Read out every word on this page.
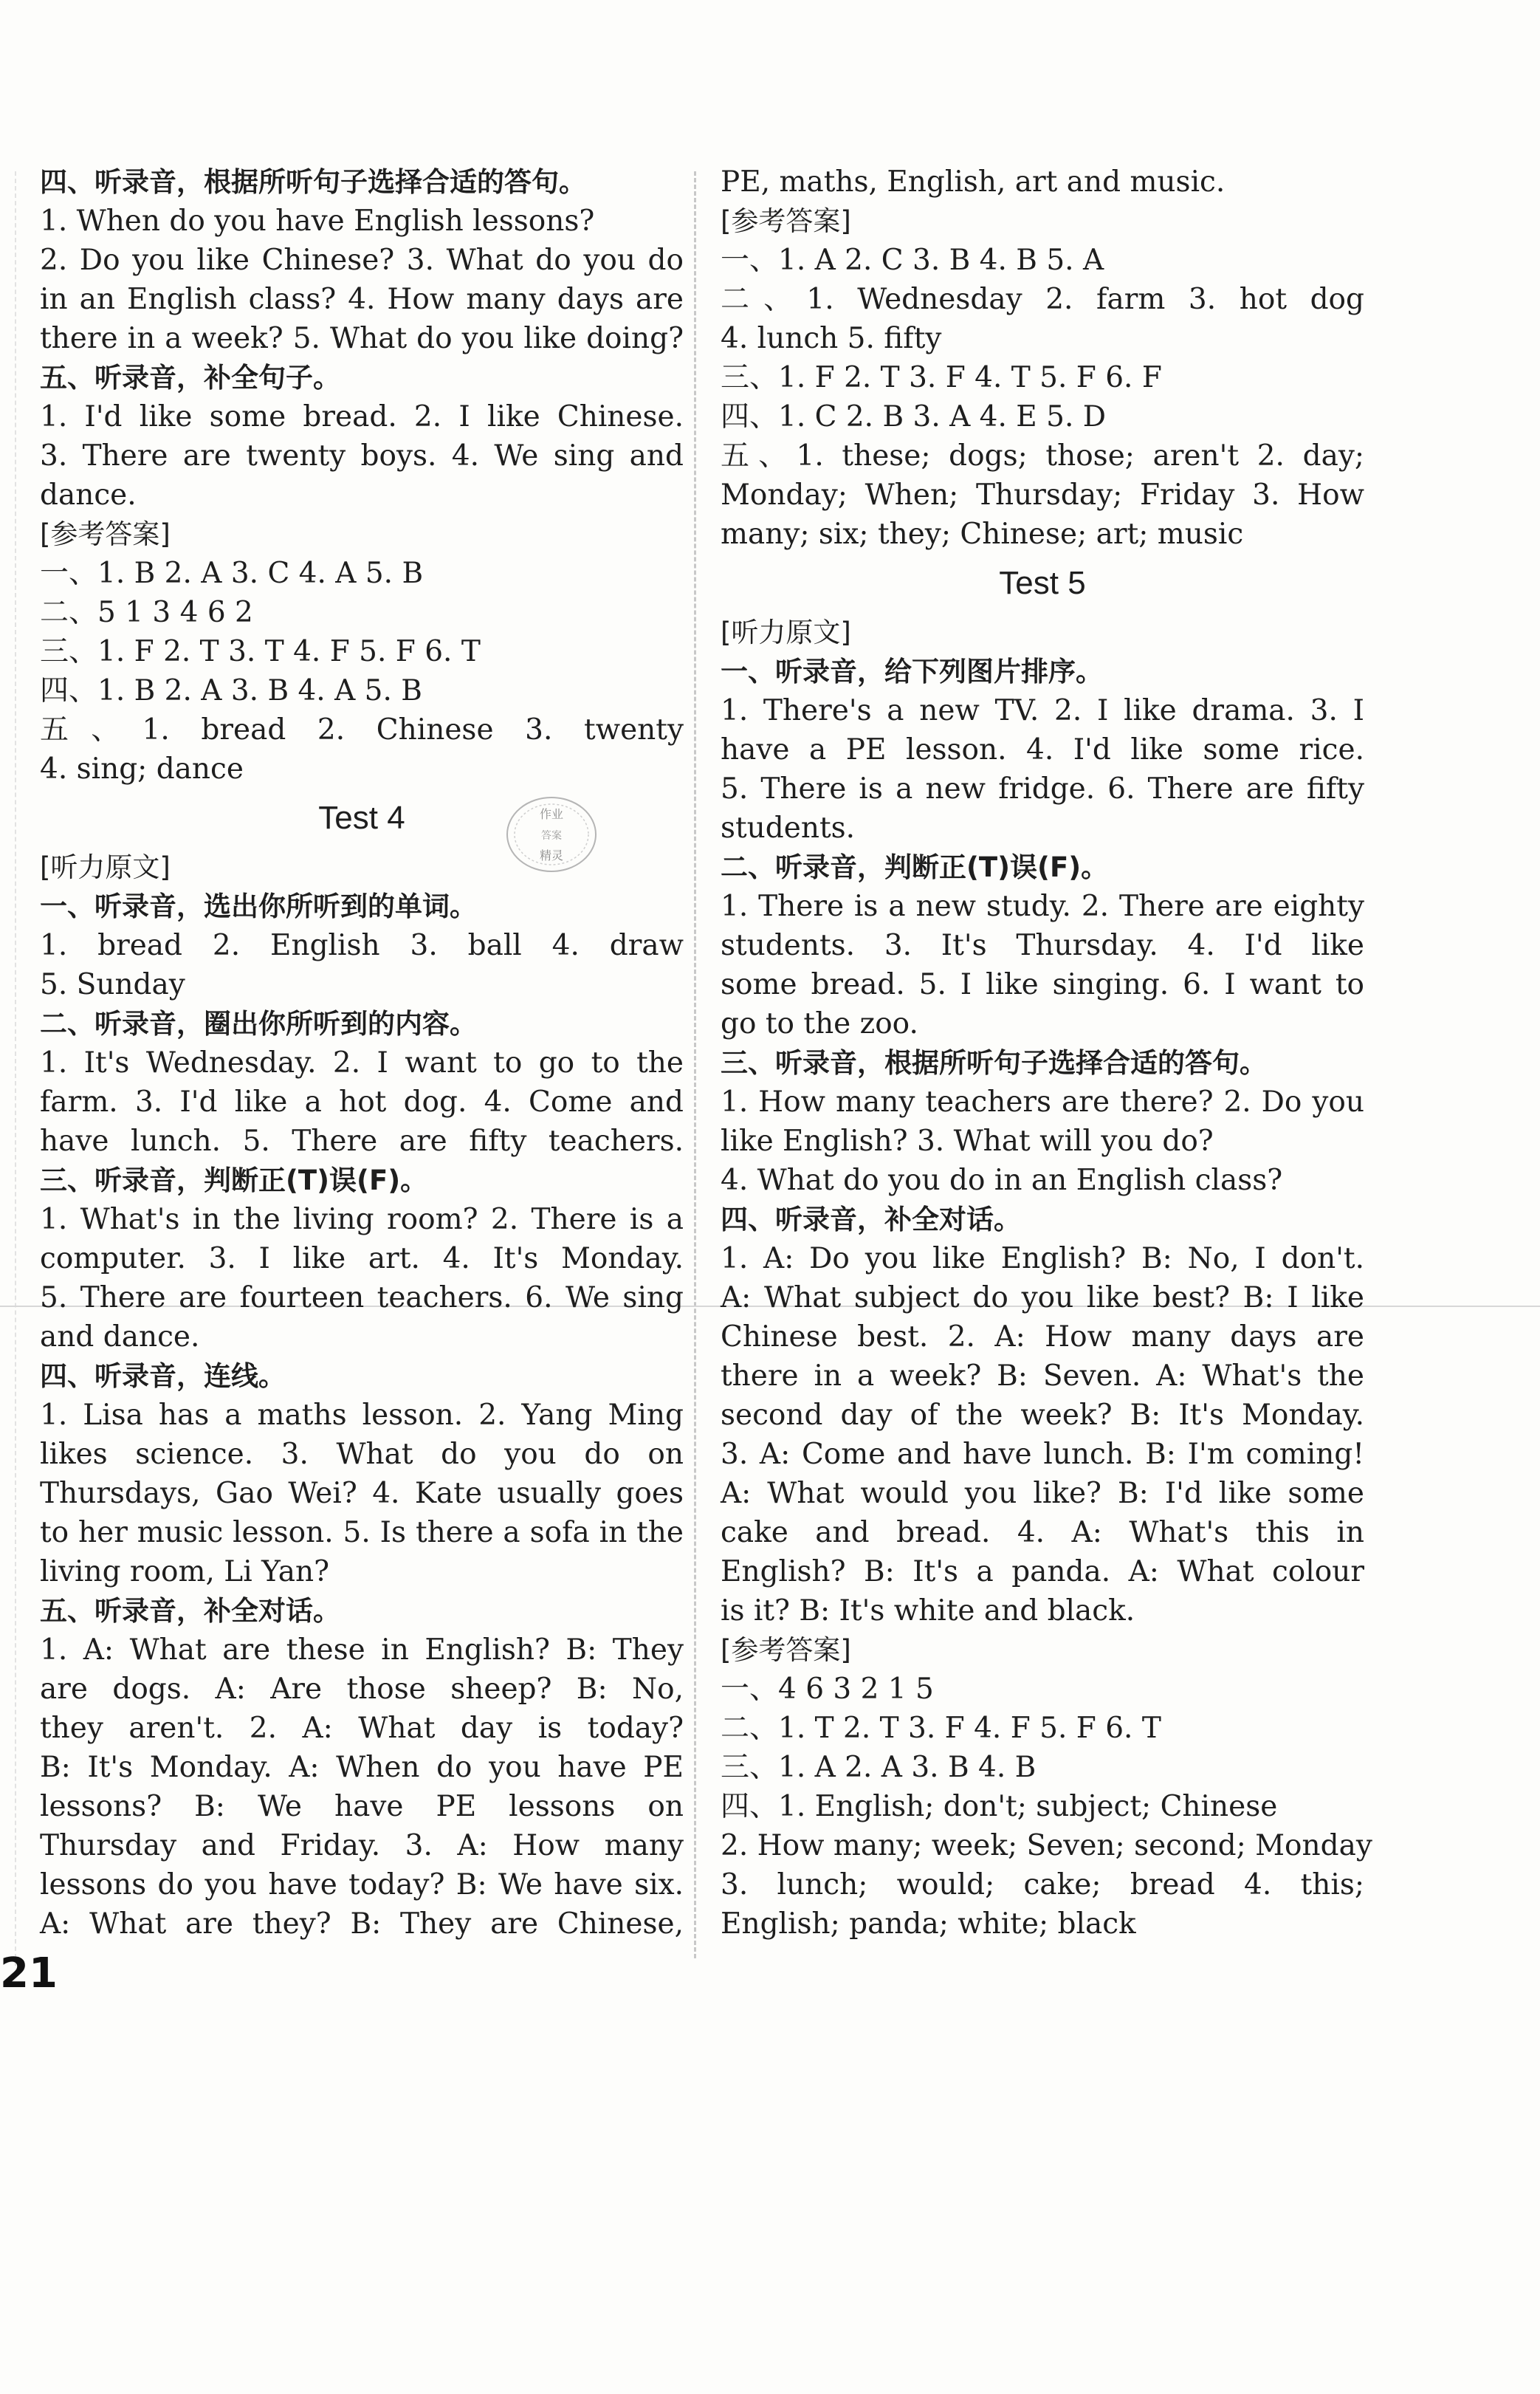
四、听录音，根据所听句子选择合适的答句。
1. When do you have English lessons?
2. Do you like Chinese? 3. What do you do
in an English class? 4. How many days are
there in a week? 5. What do you like doing?
五、听录音，补全句子。
1. I'd like some bread. 2. I like Chinese.
3. There are twenty boys. 4. We sing and
dance.
[参考答案]
一、1. B 2. A 3. C 4. A 5. B
二、5 1 3 4 6 2
三、1. F 2. T 3. T 4. F 5. F 6. T
四、1. B 2. A 3. B 4. A 5. B
五、1. bread 2. Chinese 3. twenty
4. sing; dance
Test 4
[听力原文]
一、听录音，选出你所听到的单词。
1. bread 2. English 3. ball 4. draw
5. Sunday
二、听录音，圈出你所听到的内容。
1. It's Wednesday. 2. I want to go to the
farm. 3. I'd like a hot dog. 4. Come and
have lunch. 5. There are fifty teachers.
三、听录音，判断正(T)误(F)。
1. What's in the living room? 2. There is a
computer. 3. I like art. 4. It's Monday.
5. There are fourteen teachers. 6. We sing
and dance.
四、听录音，连线。
1. Lisa has a maths lesson. 2. Yang Ming
likes science. 3. What do you do on
Thursdays, Gao Wei? 4. Kate usually goes
to her music lesson. 5. Is there a sofa in the
living room, Li Yan?
五、听录音，补全对话。
1. A: What are these in English? B: They
are dogs. A: Are those sheep? B: No,
they aren't. 2. A: What day is today?
B: It's Monday. A: When do you have PE
lessons? B: We have PE lessons on
Thursday and Friday. 3. A: How many
lessons do you have today? B: We have six.
A: What are they? B: They are Chinese,
PE, maths, English, art and music.
[参考答案]
一、1. A 2. C 3. B 4. B 5. A
二、1. Wednesday 2. farm 3. hot dog
4. lunch 5. fifty
三、1. F 2. T 3. F 4. T 5. F 6. F
四、1. C 2. B 3. A 4. E 5. D
五、1. these; dogs; those; aren't 2. day;
Monday; When; Thursday; Friday 3. How
many; six; they; Chinese; art; music
Test 5
[听力原文]
一、听录音，给下列图片排序。
1. There's a new TV. 2. I like drama. 3. I
have a PE lesson. 4. I'd like some rice.
5. There is a new fridge. 6. There are fifty
students.
二、听录音，判断正(T)误(F)。
1. There is a new study. 2. There are eighty
students. 3. It's Thursday. 4. I'd like
some bread. 5. I like singing. 6. I want to
go to the zoo.
三、听录音，根据所听句子选择合适的答句。
1. How many teachers are there? 2. Do you
like English? 3. What will you do?
4. What do you do in an English class?
四、听录音，补全对话。
1. A: Do you like English? B: No, I don't.
A: What subject do you like best? B: I like
Chinese best. 2. A: How many days are
there in a week? B: Seven. A: What's the
second day of the week? B: It's Monday.
3. A: Come and have lunch. B: I'm coming!
A: What would you like? B: I'd like some
cake and bread. 4. A: What's this in
English? B: It's a panda. A: What colour
is it? B: It's white and black.
[参考答案]
一、4 6 3 2 1 5
二、1. T 2. T 3. F 4. F 5. F 6. T
三、1. A 2. A 3. B 4. B
四、1. English; don't; subject; Chinese
2. How many; week; Seven; second; Monday
3. lunch; would; cake; bread 4. this;
English; panda; white; black
作业
答案
精灵
21
